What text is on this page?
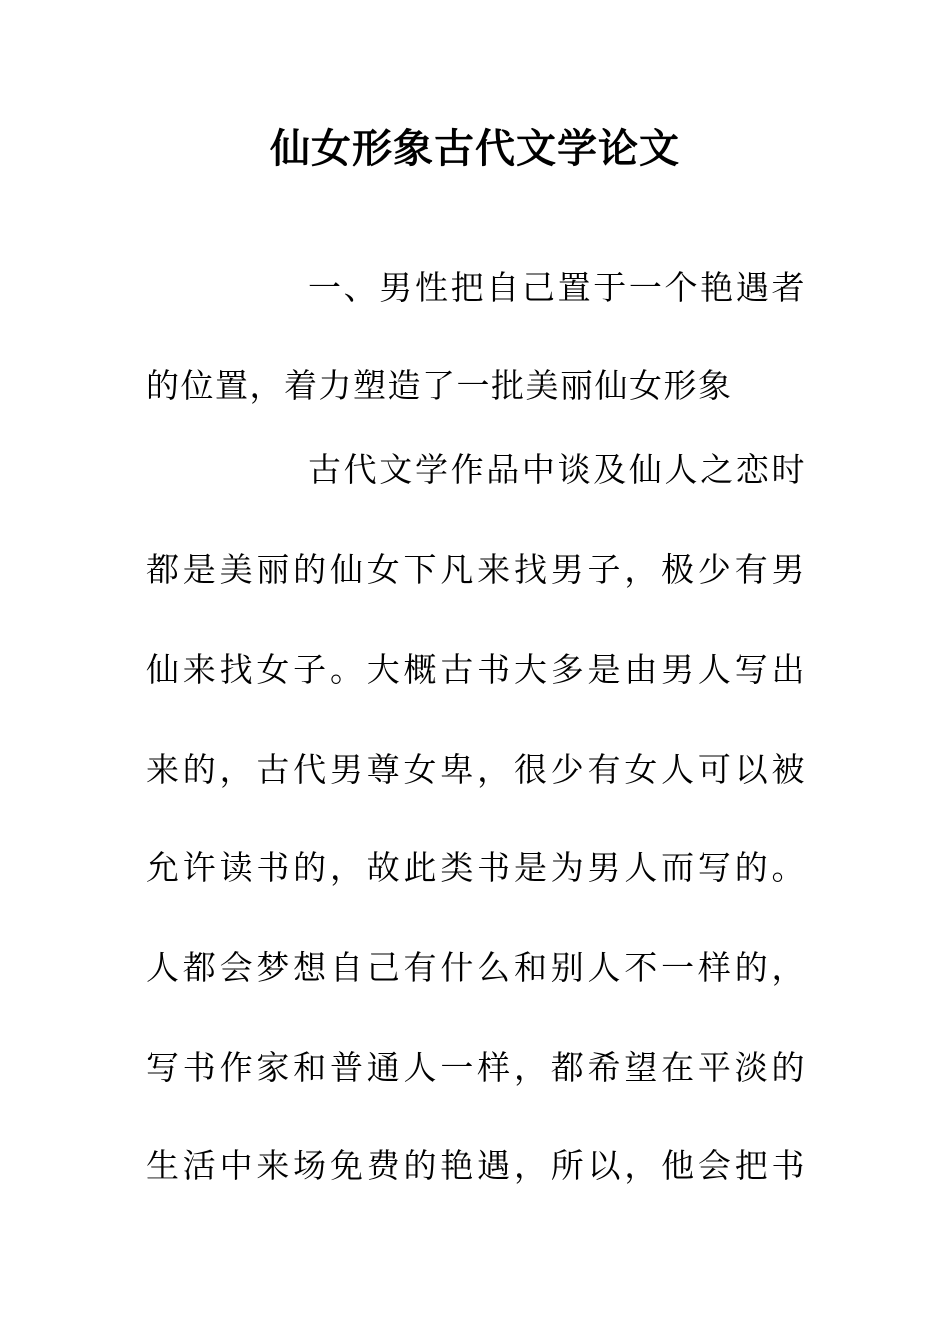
仙女形象古代文学论文
一、男性把自己置于一个艳遇者
的位置，着力塑造了一批美丽仙女形象
古代文学作品中谈及仙人之恋时
都是美丽的仙女下凡来找男子，极少有男
仙来找女子。大概古书大多是由男人写出
来的，古代男尊女卑，很少有女人可以被
允许读书的，故此类书是为男人而写的。
人都会梦想自己有什么和别人不一样的，
写书作家和普通人一样，都希望在平淡的
生活中来场免费的艳遇，所以，他会把书
